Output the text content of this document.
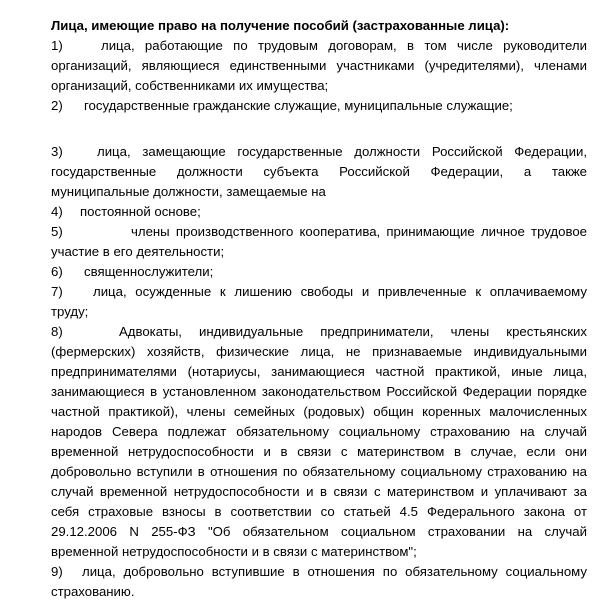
Лица, имеющие право на получение пособий (застрахованные лица):

1)	лица, работающие по трудовым договорам, в том числе руководители организаций, являющиеся единственными участниками (учредителями), членами организаций, собственниками их имущества;

2) государственные гражданские служащие, муниципальные служащие;

3)	лица, замещающие государственные должности Российской Федерации, государственные должности субъекта Российской Федерации, а также муниципальные должности, замещаемые на

4) постоянной основе;

5)	члены производственного кооператива, принимающие личное трудовое участие в его деятельности;

6) священнослужители;

7) лица, осужденные к лишению свободы и привлеченные к оплачиваемому труду;

8)	Адвокаты, индивидуальные предприниматели, члены крестьянских (фермерских) хозяйств, физические лица, не признаваемые индивидуальными предпринимателями (нотариусы, занимающиеся частной практикой, иные лица, занимающиеся в установленном законодательством Российской Федерации порядке частной практикой), члены семейных (родовых) общин коренных малочисленных народов Севера подлежат обязательному социальному страхованию на случай временной нетрудоспособности и в связи с материнством в случае, если они добровольно вступили в отношения по обязательному социальному страхованию на случай временной нетрудоспособности и в связи с материнством и уплачивают за себя страховые взносы в соответствии со статьей 4.5 Федерального закона от 29.12.2006 N 255-ФЗ "Об обязательном социальном страховании на случай временной нетрудоспособности и в связи с материнством";

9) лица, добровольно вступившие в отношения по обязательному социальному страхованию.
